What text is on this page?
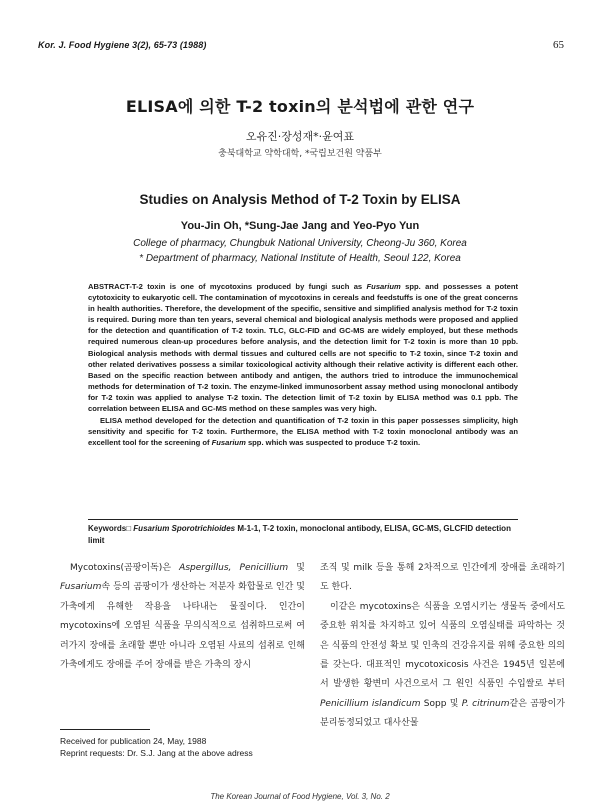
Kor. J. Food Hygiene 3(2), 65-73 (1988)	65
ELISA에 의한 T-2 toxin의 분석법에 관한 연구
오유진·장성재*·윤여표
충북대학교 약학대학, *국립보건원 약품부
Studies on Analysis Method of T-2 Toxin by ELISA
You-Jin Oh, *Sung-Jae Jang and Yeo-Pyo Yun
College of pharmacy, Chungbuk National University, Cheong-Ju 360, Korea
* Department of pharmacy, National Institute of Health, Seoul 122, Korea

ABSTRACT-T-2 toxin is one of mycotoxins produced by fungi such as Fusarium spp. and possesses a potent cytotoxicity to eukaryotic cell. The contamination of mycotoxins in cereals and feedstuffs is one of the great concerns in health authorities. Therefore, the development of the specific, sensitive and simplified analysis method for T-2 toxin is required. During more than ten years, several chemical and biological analysis methods were proposed and applied for the detection and quantification of T-2 toxin. TLC, GLC-FID and GC-MS are widely employed, but these methods required numerous clean-up procedures before analysis, and the detection limit for T-2 toxin is more than 10 ppb. Biological analysis methods with dermal tissues and cultured cells are not specific to T-2 toxin, since T-2 toxin and other related derivatives possess a similar toxicological activity although their relative activity is different each other. Based on the specific reaction between antibody and antigen, the authors tried to introduce the immunochemical methods for determination of T-2 toxin. The enzyme-linked immunosorbent assay method using monoclonal antibody for T-2 toxin was applied to analyse T-2 toxin. The detection limit of T-2 toxin by ELISA method was 0.1 ppb. The correlation between ELISA and GC-MS method on these samples was very high.

ELISA method developed for the detection and quantification of T-2 toxin in this paper possesses simplicity, high sensitivity and specific for T-2 toxin. Furthermore, the ELISA method with T-2 toxin monoclonal antibody was an excellent tool for the screening of Fusarium spp. which was suspected to produce T-2 toxin.

Keywords□ Fusarium Sporotrichioides M-1-1, T-2 toxin, monoclonal antibody, ELISA, GC-MS, GLCFID detection limit
Mycotoxins(곰팡이독)은 Aspergillus, Penicillium 및 Fusarium속 등의 곰팡이가 생산하는 저분자 화합물로 인간 및 가축에게 유해한 작용을 나타내는 물질이다. 인간이 mycotoxins에 오염된 식품을 무의식적으로 섭취하므로써 여러가지 장애를 초래할 뿐만 아니라 오염된 사료의 섭취로 인해 가축에게도 장애를 주어 장애를 받은 가축의 장시

조직 및 milk 등을 통해 2차적으로 인간에게 장애를 초래하기도 한다.

이같은 mycotoxins은 식품을 오염시키는 생물독 중에서도 중요한 위치를 차지하고 있어 식품의 오염실태를 파악하는 것은 식품의 안전성 확보 및 인축의 건강유지를 위해 중요한 의의를 갖는다. 대표적인 mycotoxicosis 사건은 1945년 일본에서 발생한 황변미 사건으로서 그 원인 식품인 수입쌀로 부터 Penicillium islandicum Sopp 및 P. citrinum같은 곰팡이가 분리동정되었고 대사산물

Received for publication 24, May, 1988
Reprint requests: Dr. S.J. Jang at the above adress
The Korean Journal of Food Hygiene, Vol. 3, No. 2
